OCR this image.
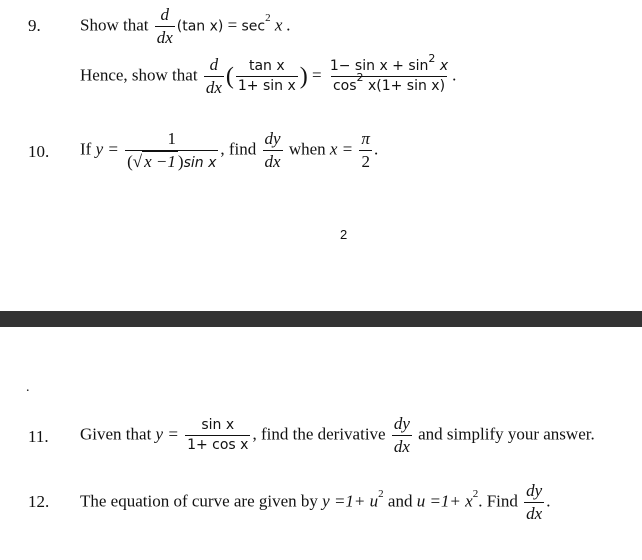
9. Show that $\frac{d}{dx} (\tan$ $x) = \sec^2 x$ .
Hence, show that $\frac{d}{dx}$ ( $\frac{\text{tan x}}{\text{1+ sin x}}$ ) = $\frac{1- \sin x + \sin^2 x}{\cos^2 x(1+ \sin x)}$ .
10. If $y = \frac{1}{\text{(√ x −1 )sin x}}$ , find $\frac{dy}{dx}$ when $x = \frac{\pi}{2}$ .
2
.
11. Given that $y = \frac{\text{sin x}}{\text{1+ cos x}}$ , find the derivative $\frac{dy}{dx}$ and simplify your answer.
12. The equation of curve are given by $y =1+ u^2$ and $u =1+ x^2$. Find $\frac{dy}{dx}$ .
